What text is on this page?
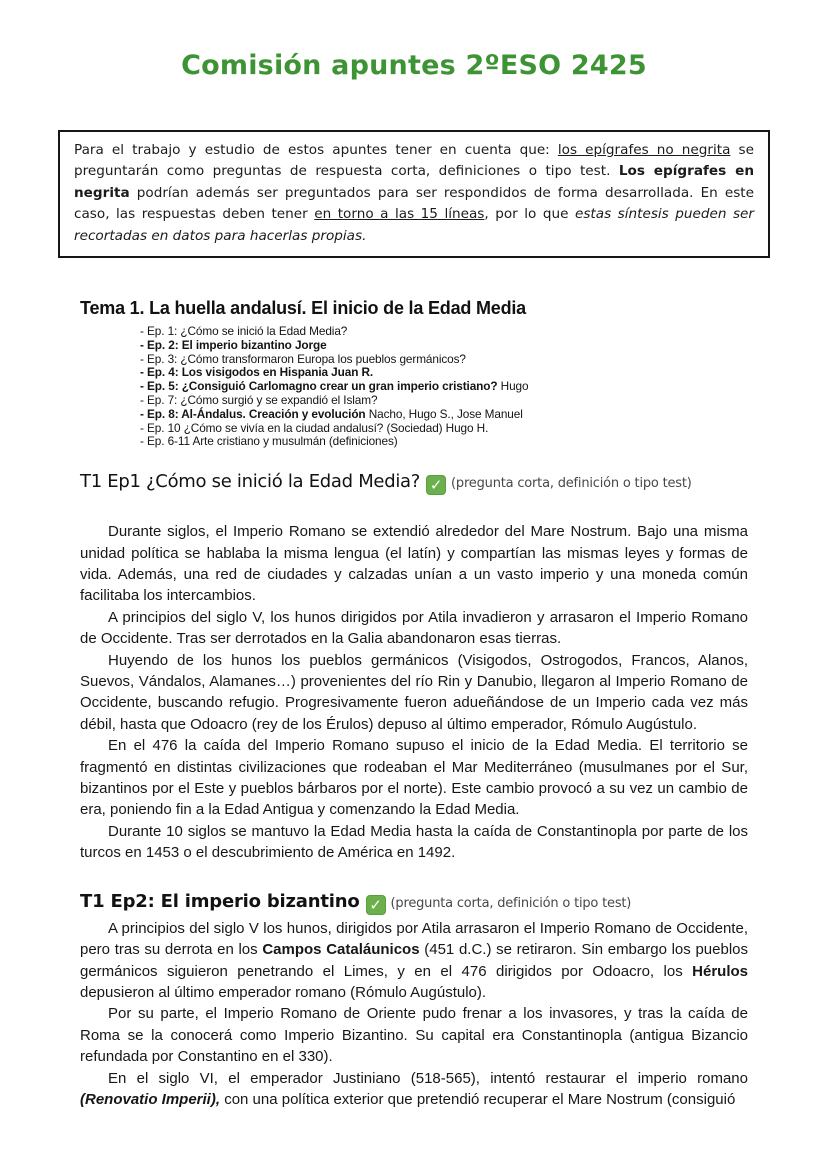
Comisión apuntes 2ºESO 2425

Para el trabajo y estudio de estos apuntes tener en cuenta que: los epígrafes no negrita se preguntarán como preguntas de respuesta corta, definiciones o tipo test. Los epígrafes en negrita podrían además ser preguntados para ser respondidos de forma desarrollada. En este caso, las respuestas deben tener en torno a las 15 líneas, por lo que estas síntesis pueden ser recortadas en datos para hacerlas propias.

Tema 1. La huella andalusí. El inicio de la Edad Media
- Ep. 1: ¿Cómo se inició la Edad Media?
- Ep. 2: El imperio bizantino Jorge
- Ep. 3: ¿Cómo transformaron Europa los pueblos germánicos?
- Ep. 4: Los visigodos en Hispania Juan R.
- Ep. 5: ¿Consiguió Carlomagno crear un gran imperio cristiano? Hugo
- Ep. 7: ¿Cómo surgió y se expandió el Islam?
- Ep. 8: Al-Ándalus. Creación y evolución Nacho, Hugo S., Jose Manuel
- Ep. 10 ¿Cómo se vivía en la ciudad andalusí? (Sociedad) Hugo H.
- Ep. 6-11 Arte cristiano y musulmán (definiciones)
T1 Ep1 ¿Cómo se inició la Edad Media? ✓ (pregunta corta, definición o tipo test)

Durante siglos, el Imperio Romano se extendió alrededor del Mare Nostrum. Bajo una misma unidad política se hablaba la misma lengua (el latín) y compartían las mismas leyes y formas de vida. Además, una red de ciudades y calzadas unían a un vasto imperio y una moneda común facilitaba los intercambios.

A principios del siglo V, los hunos dirigidos por Atila invadieron y arrasaron el Imperio Romano de Occidente. Tras ser derrotados en la Galia abandonaron esas tierras.

Huyendo de los hunos los pueblos germánicos (Visigodos, Ostrogodos, Francos, Alanos, Suevos, Vándalos, Alamanes…) provenientes del río Rin y Danubio, llegaron al Imperio Romano de Occidente, buscando refugio. Progresivamente fueron adueñándose de un Imperio cada vez más débil, hasta que Odoacro (rey de los Érulos) depuso al último emperador, Rómulo Augústulo.

En el 476 la caída del Imperio Romano supuso el inicio de la Edad Media. El territorio se fragmentó en distintas civilizaciones que rodeaban el Mar Mediterráneo (musulmanes por el Sur, bizantinos por el Este y pueblos bárbaros por el norte). Este cambio provocó a su vez un cambio de era, poniendo fin a la Edad Antigua y comenzando la Edad Media.

Durante 10 siglos se mantuvo la Edad Media hasta la caída de Constantinopla por parte de los turcos en 1453 o el descubrimiento de América en 1492.

T1 Ep2: El imperio bizantino ✓ (pregunta corta, definición o tipo test)

A principios del siglo V los hunos, dirigidos por Atila arrasaron el Imperio Romano de Occidente, pero tras su derrota en los Campos Cataláunicos (451 d.C.) se retiraron. Sin embargo los pueblos germánicos siguieron penetrando el Limes, y en el 476 dirigidos por Odoacro, los Hérulos depusieron al último emperador romano (Rómulo Augústulo).

Por su parte, el Imperio Romano de Oriente pudo frenar a los invasores, y tras la caída de Roma se la conocerá como Imperio Bizantino. Su capital era Constantinopla (antigua Bizancio refundada por Constantino en el 330).

En el siglo VI, el emperador Justiniano (518-565), intentó restaurar el imperio romano (Renovatio Imperii), con una política exterior que pretendió recuperar el Mare Nostrum (consiguió
